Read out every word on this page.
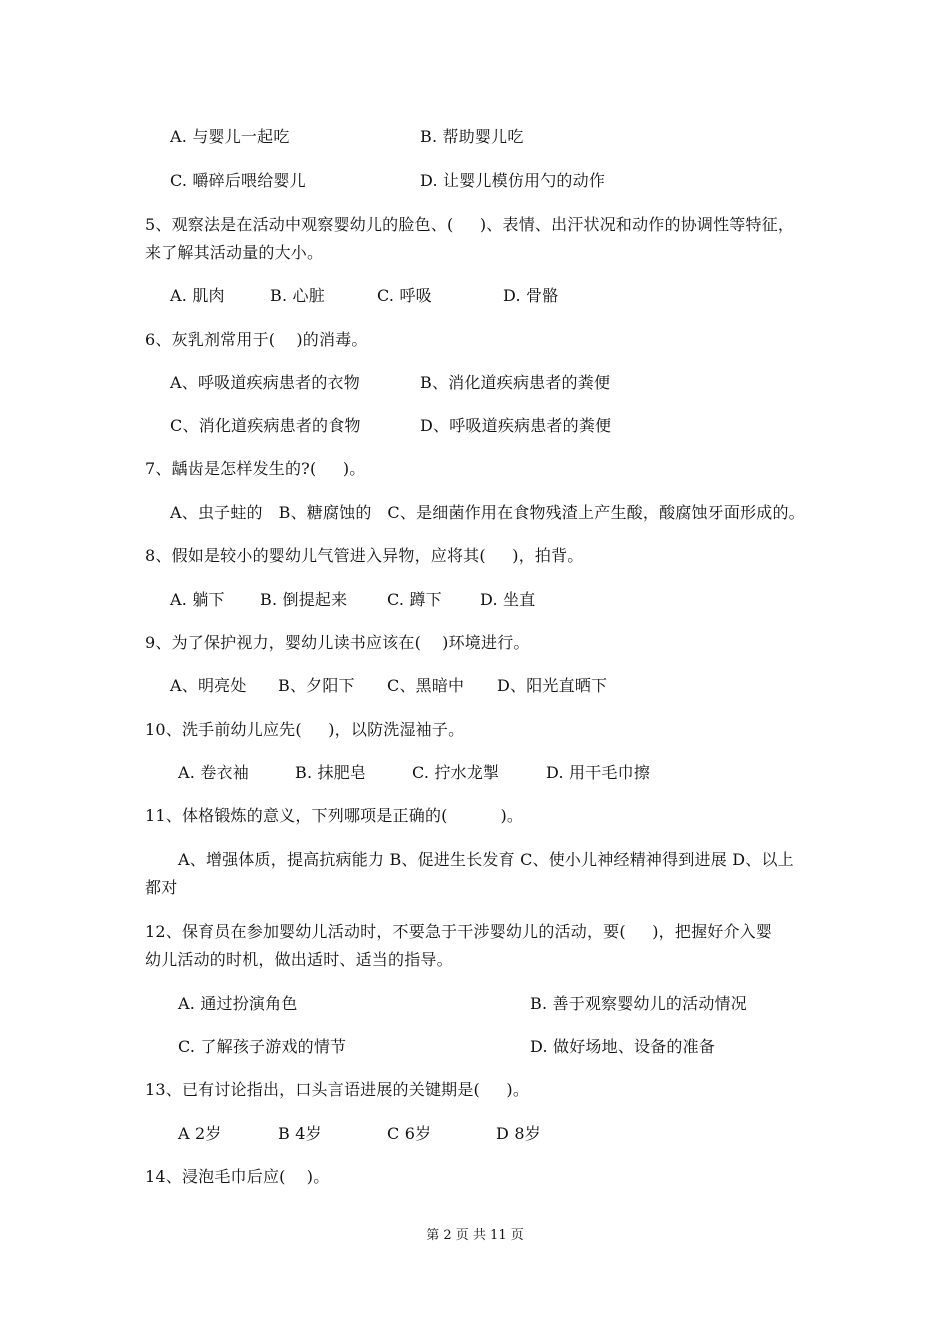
A. 与婴儿一起吃	B. 帮助婴儿吃
C. 嚼碎后喂给婴儿	D. 让婴儿模仿用勺的动作
5、观察法是在活动中观察婴幼儿的脸色、(     )、表情、出汗状况和动作的协调性等特征，
来了解其活动量的大小。
A. 肌肉	B. 心脏	C. 呼吸	D. 骨骼
6、灰乳剂常用于(    )的消毒。
A、呼吸道疾病患者的衣物	B、消化道疾病患者的粪便
C、消化道疾病患者的食物	D、呼吸道疾病患者的粪便
7、龋齿是怎样发生的?(     )。
A、虫子蛀的   B、糖腐蚀的   C、是细菌作用在食物残渣上产生酸，酸腐蚀牙面形成的。
8、假如是较小的婴幼儿气管进入异物，应将其(     )，拍背。
A. 躺下 B. 倒提起来 C. 蹲下 D. 坐直
9、为了保护视力，婴幼儿读书应该在(    )环境进行。
A、明亮处 B、夕阳下 C、黑暗中 D、阳光直晒下
10、洗手前幼儿应先(     )，以防洗湿袖子。
A. 卷衣袖	B. 抹肥皂	C. 拧水龙掣	D. 用干毛巾擦
11、体格锻炼的意义，下列哪项是正确的(          )。
A、增强体质，提高抗病能力 B、促进生长发育 C、使小儿神经精神得到进展 D、以上
都对
12、保育员在参加婴幼儿活动时，不要急于干涉婴幼儿的活动，要(     )，把握好介入婴
幼儿活动的时机，做出适时、适当的指导。
A. 通过扮演角色	B. 善于观察婴幼儿的活动情况
C. 了解孩子游戏的情节	D. 做好场地、设备的准备
13、已有讨论指出，口头言语进展的关键期是(     )。
A 2岁	B 4岁	C 6岁	D 8岁
14、浸泡毛巾后应(    )。
第 2 页 共 11 页
